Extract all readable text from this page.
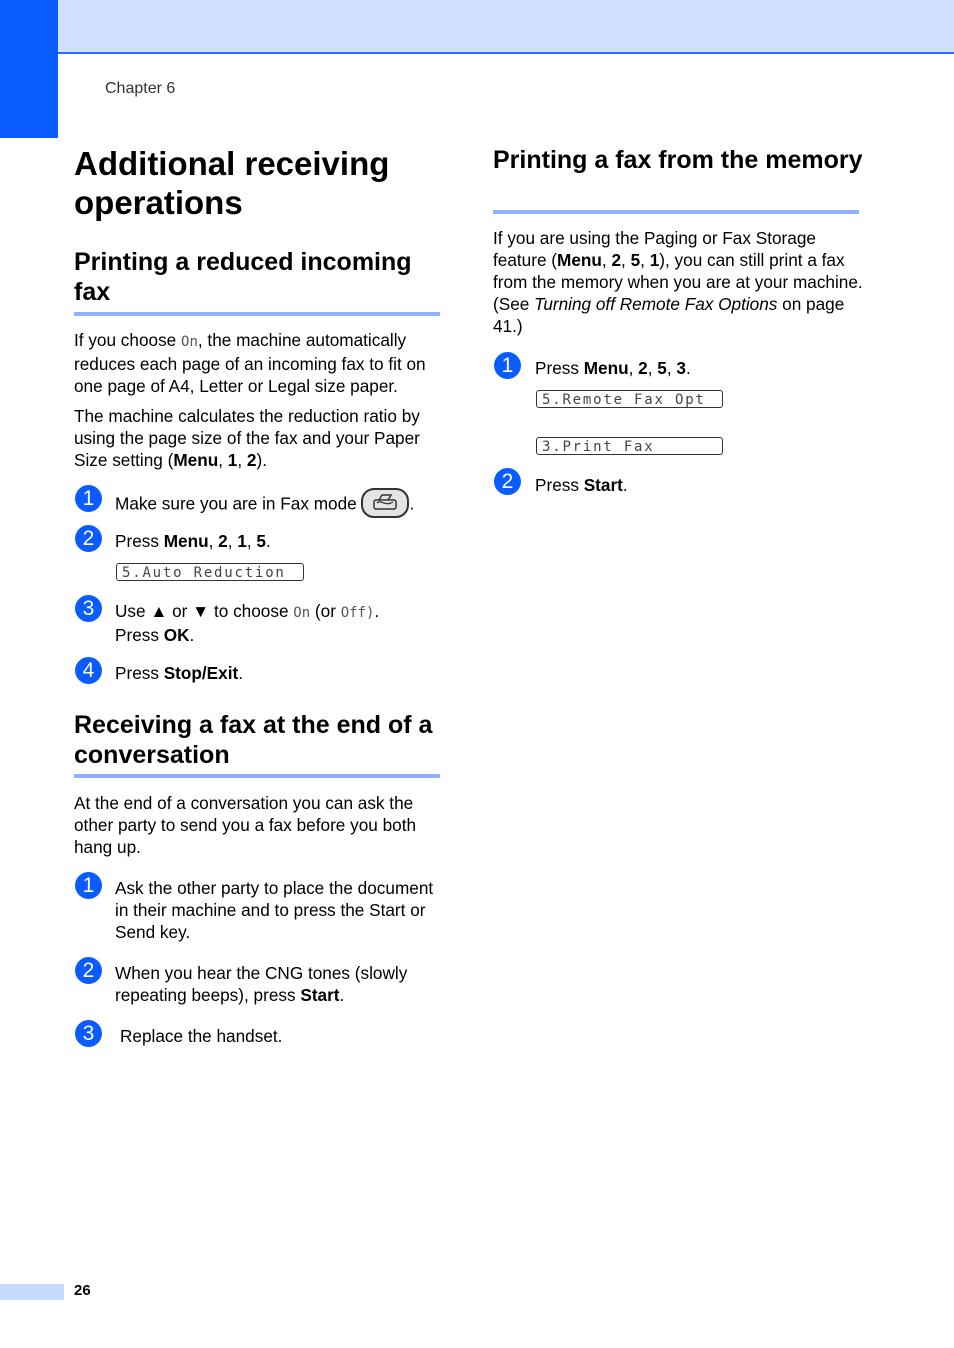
Chapter 6
Additional receiving operations
Printing a reduced incoming fax

If you choose On, the machine automatically reduces each page of an incoming fax to fit on one page of A4, Letter or Legal size paper.

The machine calculates the reduction ratio by using the page size of the fax and your Paper Size setting (Menu, 1, 2).

1	Make sure you are in Fax mode	.

2	Press Menu, 2, 1, 5.

5.Auto Reduction
3	Use ▲ or ▼ to choose On (or Off).
Press OK.

4	Press Stop/Exit.

Receiving a fax at the end of a conversation

At the end of a conversation you can ask the other party to send you a fax before you both hang up.

1	Ask the other party to place the document in their machine and to press the Start or Send key.

2	When you hear the CNG tones (slowly repeating beeps), press Start.

3	Replace the handset.

Printing a fax from the memory

If you are using the Paging or Fax Storage feature (Menu, 2, 5, 1), you can still print a fax from the memory when you are at your machine. (See Turning off Remote Fax Options on page 41.)

1	Press Menu, 2, 5, 3.

5.Remote Fax Opt
3.Print Fax
2	Press Start.

26
